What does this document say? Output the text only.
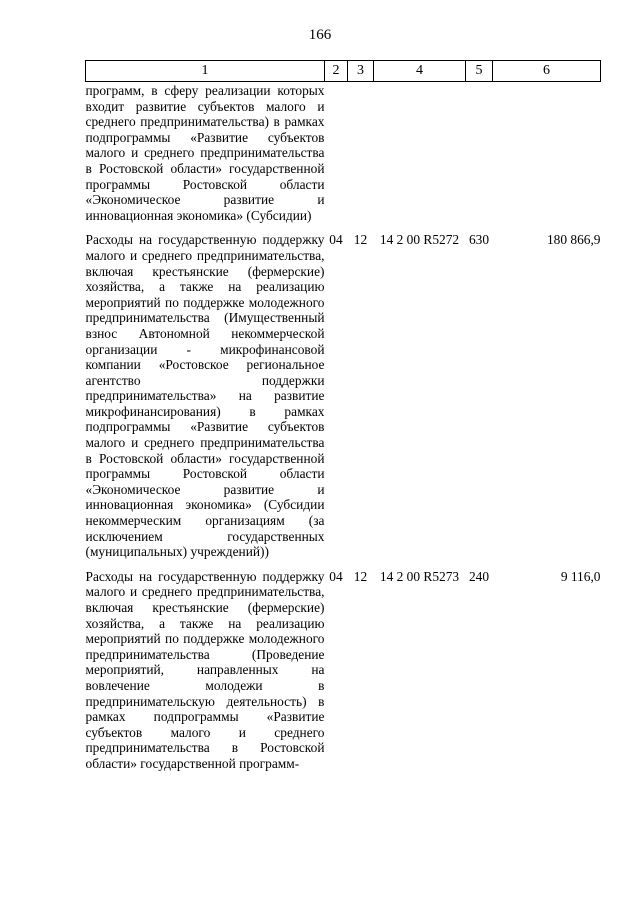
166
1	2	3	4	5	6
программ, в сферу реализации которых входит развитие субъектов малого и среднего предпринимательства) в рамках подпрограммы «Развитие субъектов малого и среднего предпринимательства в Ростовской области» государственной программы Ростовской области «Экономическое развитие и инновационная экономика» (Субсидии)					
Расходы на государственную поддержку малого и среднего предпринимательства, включая крестьянские (фермерские) хозяйства, а также на реализацию мероприятий по поддержке молодежного предпринимательства (Имущественный взнос Автономной некоммерческой организации - микрофинансовой компании «Ростовское региональное агентство поддержки предпринимательства» на развитие микрофинансирования) в рамках подпрограммы «Развитие субъектов малого и среднего предпринимательства в Ростовской области» государственной программы Ростовской области «Экономическое развитие и инновационная экономика» (Субсидии некоммерческим организациям (за исключением государственных (муниципальных) учреждений))	04	12	14 2 00 R5272	630	180 866,9
Расходы на государственную поддержку малого и среднего предпринимательства, включая крестьянские (фермерские) хозяйства, а также на реализацию мероприятий по поддержке молодежного предпринимательства (Проведение мероприятий, направленных на вовлечение молодежи в предпринимательскую деятельность) в рамках подпрограммы «Развитие субъектов малого и среднего предпринимательства в Ростовской области» государственной программ-	04	12	14 2 00 R5273	240	9 116,0
